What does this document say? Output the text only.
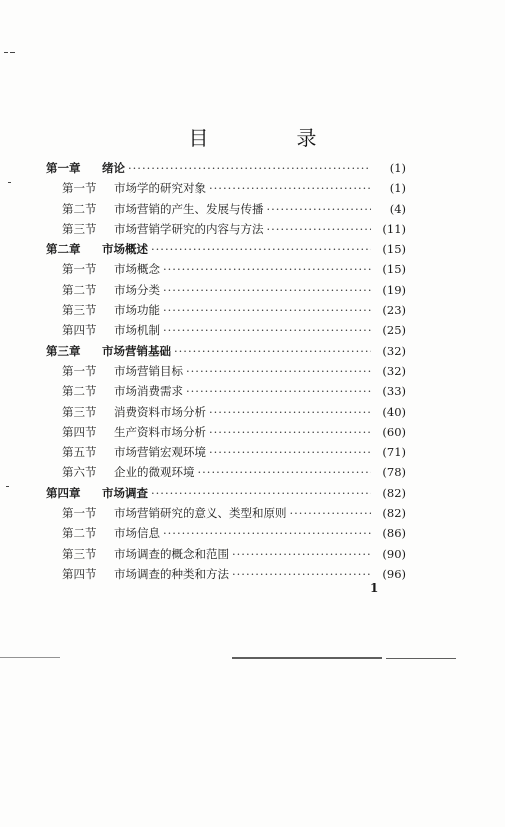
目　录
第一章	绪论 ·····	(1)
第一节	市场学的研究对象 ·····	(1)
第二节	市场营销的产生、发展与传播 ·····	(4)
第三节	市场营销学研究的内容与方法 ·····	(11)
第二章	市场概述 ·····	(15)
第一节	市场概念 ·····	(15)
第二节	市场分类 ·····	(19)
第三节	市场功能 ·····	(23)
第四节	市场机制 ·····	(25)
第三章	市场营销基础 ·····	(32)
第一节	市场营销目标 ·····	(32)
第二节	市场消费需求 ·····	(33)
第三节	消费资料市场分析 ·····	(40)
第四节	生产资料市场分析 ·····	(60)
第五节	市场营销宏观环境 ·····	(71)
第六节	企业的微观环境 ·····	(78)
第四章	市场调查 ·····	(82)
第一节	市场营销研究的意义、类型和原则 ·····	(82)
第二节	市场信息 ·····	(86)
第三节	市场调查的概念和范围 ·····	(90)
第四节	市场调查的种类和方法 ·····	(96)
1
